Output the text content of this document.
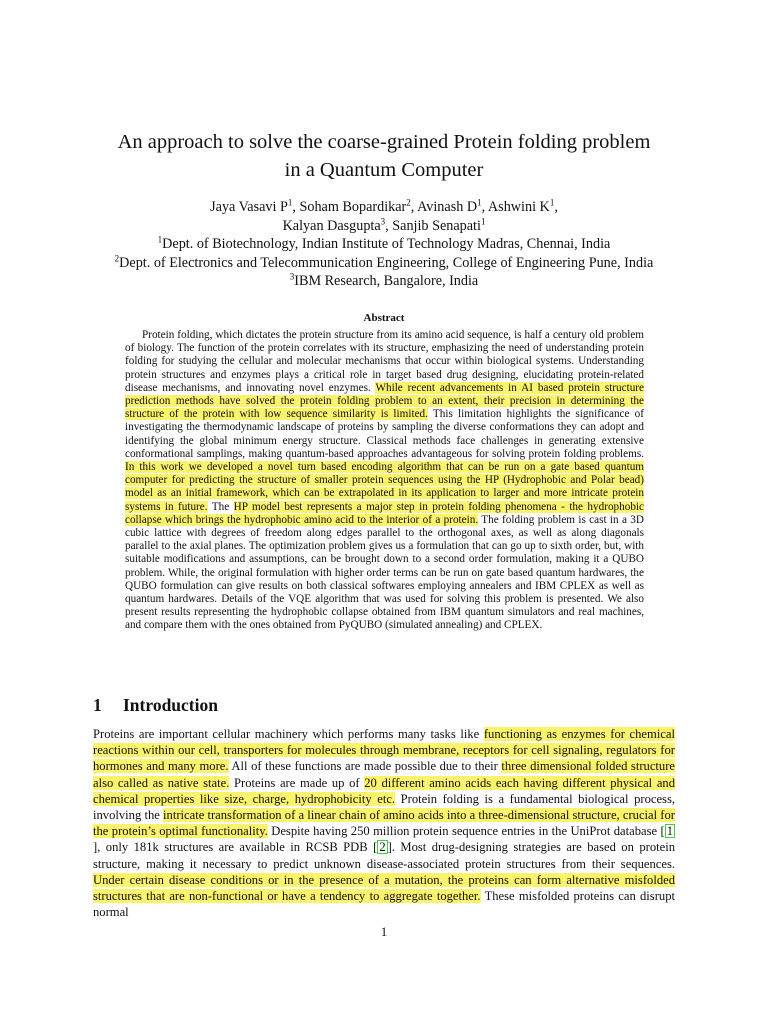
An approach to solve the coarse-grained Protein folding problem
in a Quantum Computer
Jaya Vasavi $P^1$, Soham Bopardikar$^2$, Avinash $D^1$, Ashwini $K^1$,
Kalyan Dasgupta$^3$, Sanjib Senapati$^1$
$^1$Dept. of Biotechnology, Indian Institute of Technology Madras, Chennai, India
$^2$Dept. of Electronics and Telecommunication Engineering, College of Engineering Pune, India
$^3$IBM Research, Bangalore, India
Abstract

Protein folding, which dictates the protein structure from its amino acid sequence, is half a century old problem of biology. The function of the protein correlates with its structure, emphasizing the need of understanding protein folding for studying the cellular and molecular mechanisms that occur within biological systems. Understanding protein structures and enzymes plays a critical role in target based drug designing, elucidating protein-related disease mechanisms, and innovating novel enzymes. While recent advancements in AI based protein structure prediction methods have solved the protein folding problem to an extent, their precision in determining the structure of the protein with low sequence similarity is limited. This limitation highlights the significance of investigating the thermodynamic landscape of proteins by sampling the diverse conformations they can adopt and identifying the global minimum energy structure. Classical methods face challenges in generating extensive conformational samplings, making quantum-based approaches advantageous for solving protein folding problems. In this work we developed a novel turn based encoding algorithm that can be run on a gate based quantum computer for predicting the structure of smaller protein sequences using the HP (Hydrophobic and Polar bead) model as an initial framework, which can be extrapolated in its application to larger and more intricate protein systems in future. The HP model best represents a major step in protein folding phenomena - the hydrophobic collapse which brings the hydrophobic amino acid to the interior of a protein. The folding problem is cast in a 3D cubic lattice with degrees of freedom along edges parallel to the orthogonal axes, as well as along diagonals parallel to the axial planes. The optimization problem gives us a formulation that can go up to sixth order, but, with suitable modifications and assumptions, can be brought down to a second order formulation, making it a QUBO problem. While, the original formulation with higher order terms can be run on gate based quantum hardwares, the QUBO formulation can give results on both classical softwares employing annealers and IBM CPLEX as well as quantum hardwares. Details of the VQE algorithm that was used for solving this problem is presented. We also present results representing the hydrophobic collapse obtained from IBM quantum simulators and real machines, and compare them with the ones obtained from PyQUBO (simulated annealing) and CPLEX.

1 Introduction

Proteins are important cellular machinery which performs many tasks like functioning as enzymes for chemical reactions within our cell, transporters for molecules through membrane, receptors for cell signaling, regulators for hormones and many more. All of these functions are made possible due to their three dimensional folded structure also called as native state. Proteins are made up of 20 different amino acids each having different physical and chemical properties like size, charge, hydrophobicity etc. Protein folding is a fundamental biological process, involving the intricate transformation of a linear chain of amino acids into a three-dimensional structure, crucial for the protein’s optimal functionality. Despite having 250 million protein sequence entries in the UniProt database [ 1], only 181k structures are available in RCSB PDB [ 2 ]. Most drug-designing strategies are based on protein structure, making it necessary to predict unknown disease-associated protein structures from their sequences. Under certain disease conditions or in the presence of a mutation, the proteins can form alternative misfolded structures that are non-functional or have a tendency to aggregate together. These misfolded proteins can disrupt normal

1
